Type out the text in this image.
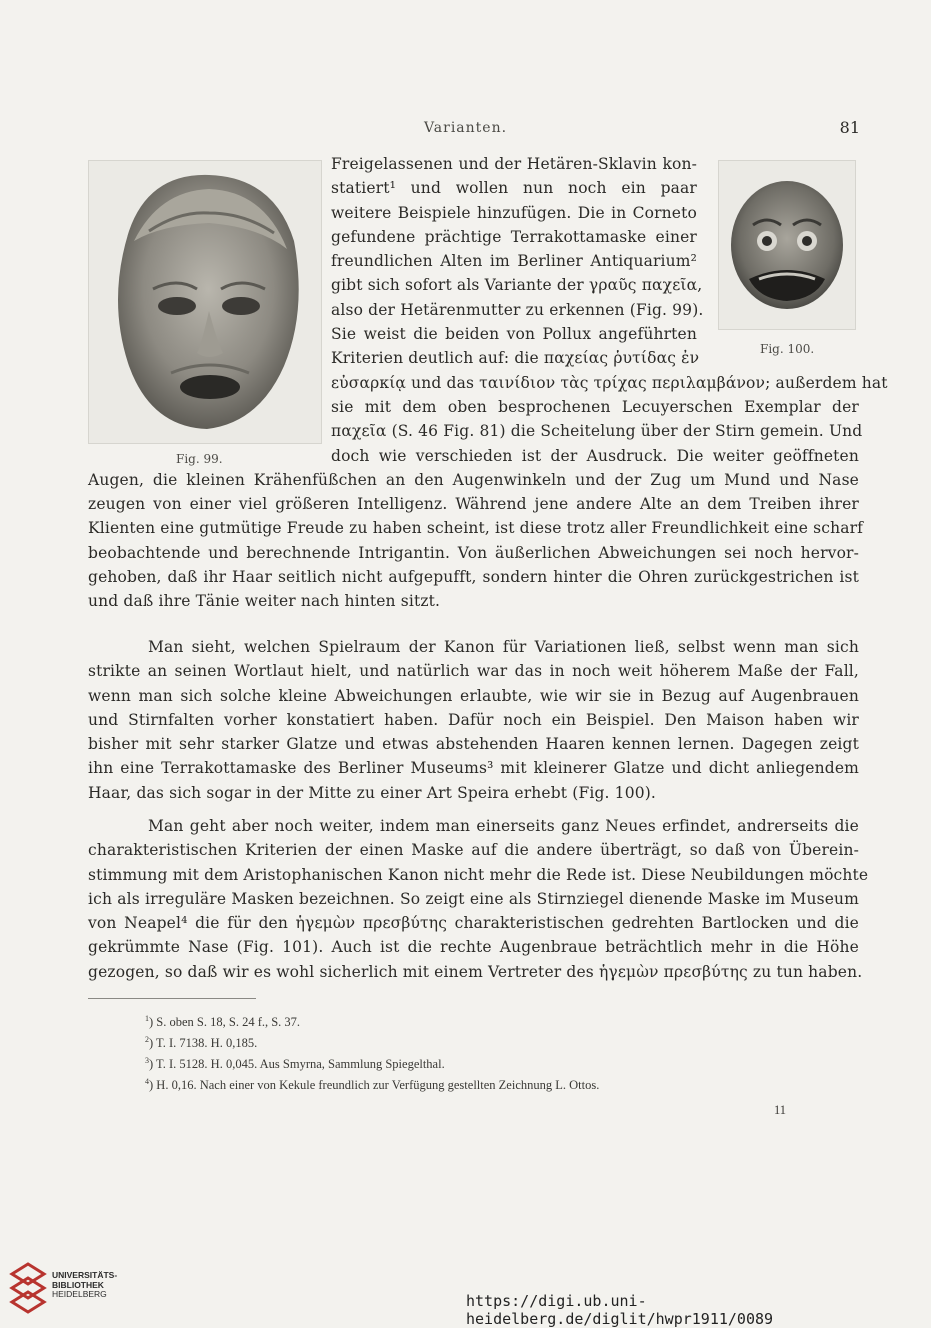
Varianten.	81
Fig. 99.
Fig. 100.
Freigelassenen und der Hetären-Sklavin kon-
statiert¹ und wollen nun noch ein paar
weitere Beispiele hinzufügen. Die in Corneto
gefundene prächtige Terrakottamaske einer
freundlichen Alten im Berliner Antiquarium²
gibt sich sofort als Variante der γραῦς παχεῖα,
also der Hetärenmutter zu erkennen (Fig. 99).
Sie weist die beiden von Pollux angeführten
Kriterien deutlich auf: die παχείας ῥυτίδας ἐν
εὐσαρκίᾳ und das ταινίδιον τὰς τρίχας περιλαμβάνον; außerdem hat
sie mit dem oben besprochenen Lecuyerschen Exemplar der
παχεῖα (S. 46 Fig. 81) die Scheitelung über der Stirn gemein. Und
doch wie verschieden ist der Ausdruck. Die weiter geöffneten
Augen, die kleinen Krähenfüßchen an den Augenwinkeln und der Zug um Mund und Nase
zeugen von einer viel größeren Intelligenz. Während jene andere Alte an dem Treiben ihrer
Klienten eine gutmütige Freude zu haben scheint, ist diese trotz aller Freundlichkeit eine scharf
beobachtende und berechnende Intrigantin. Von äußerlichen Abweichungen sei noch hervor-
gehoben, daß ihr Haar seitlich nicht aufgepufft, sondern hinter die Ohren zurückgestrichen ist
und daß ihre Tänie weiter nach hinten sitzt.
Man sieht, welchen Spielraum der Kanon für Variationen ließ, selbst wenn man sich
strikte an seinen Wortlaut hielt, und natürlich war das in noch weit höherem Maße der Fall,
wenn man sich solche kleine Abweichungen erlaubte, wie wir sie in Bezug auf Augenbrauen
und Stirnfalten vorher konstatiert haben. Dafür noch ein Beispiel. Den Maison haben wir
bisher mit sehr starker Glatze und etwas abstehenden Haaren kennen lernen. Dagegen zeigt
ihn eine Terrakottamaske des Berliner Museums³ mit kleinerer Glatze und dicht anliegendem
Haar, das sich sogar in der Mitte zu einer Art Speira erhebt (Fig. 100).
Man geht aber noch weiter, indem man einerseits ganz Neues erfindet, andrerseits die
charakteristischen Kriterien der einen Maske auf die andere überträgt, so daß von Überein-
stimmung mit dem Aristophanischen Kanon nicht mehr die Rede ist. Diese Neubildungen möchte
ich als irreguläre Masken bezeichnen. So zeigt eine als Stirnziegel dienende Maske im Museum
von Neapel⁴ die für den ἡγεμὼν πρεσβύτης charakteristischen gedrehten Bartlocken und die
gekrümmte Nase (Fig. 101). Auch ist die rechte Augenbraue beträchtlich mehr in die Höhe
gezogen, so daß wir es wohl sicherlich mit einem Vertreter des ἡγεμὼν πρεσβύτης zu tun haben.
$^1$) S. oben S. 18, S. 24 f., S. 37.
$^2$) T. I. 7138. H. 0,185.
$^3$) T. I. 5128. H. 0,045. Aus Smyrna, Sammlung Spiegelthal.
$^4$) H. 0,16. Nach einer von Kekule freundlich zur Verfügung gestellten Zeichnung L. Ottos.
11
UNIVERSITÄTS-
BIBLIOTHEK
HEIDELBERG	https://digi.ub.uni-heidelberg.de/diglit/hwpr1911/0089
